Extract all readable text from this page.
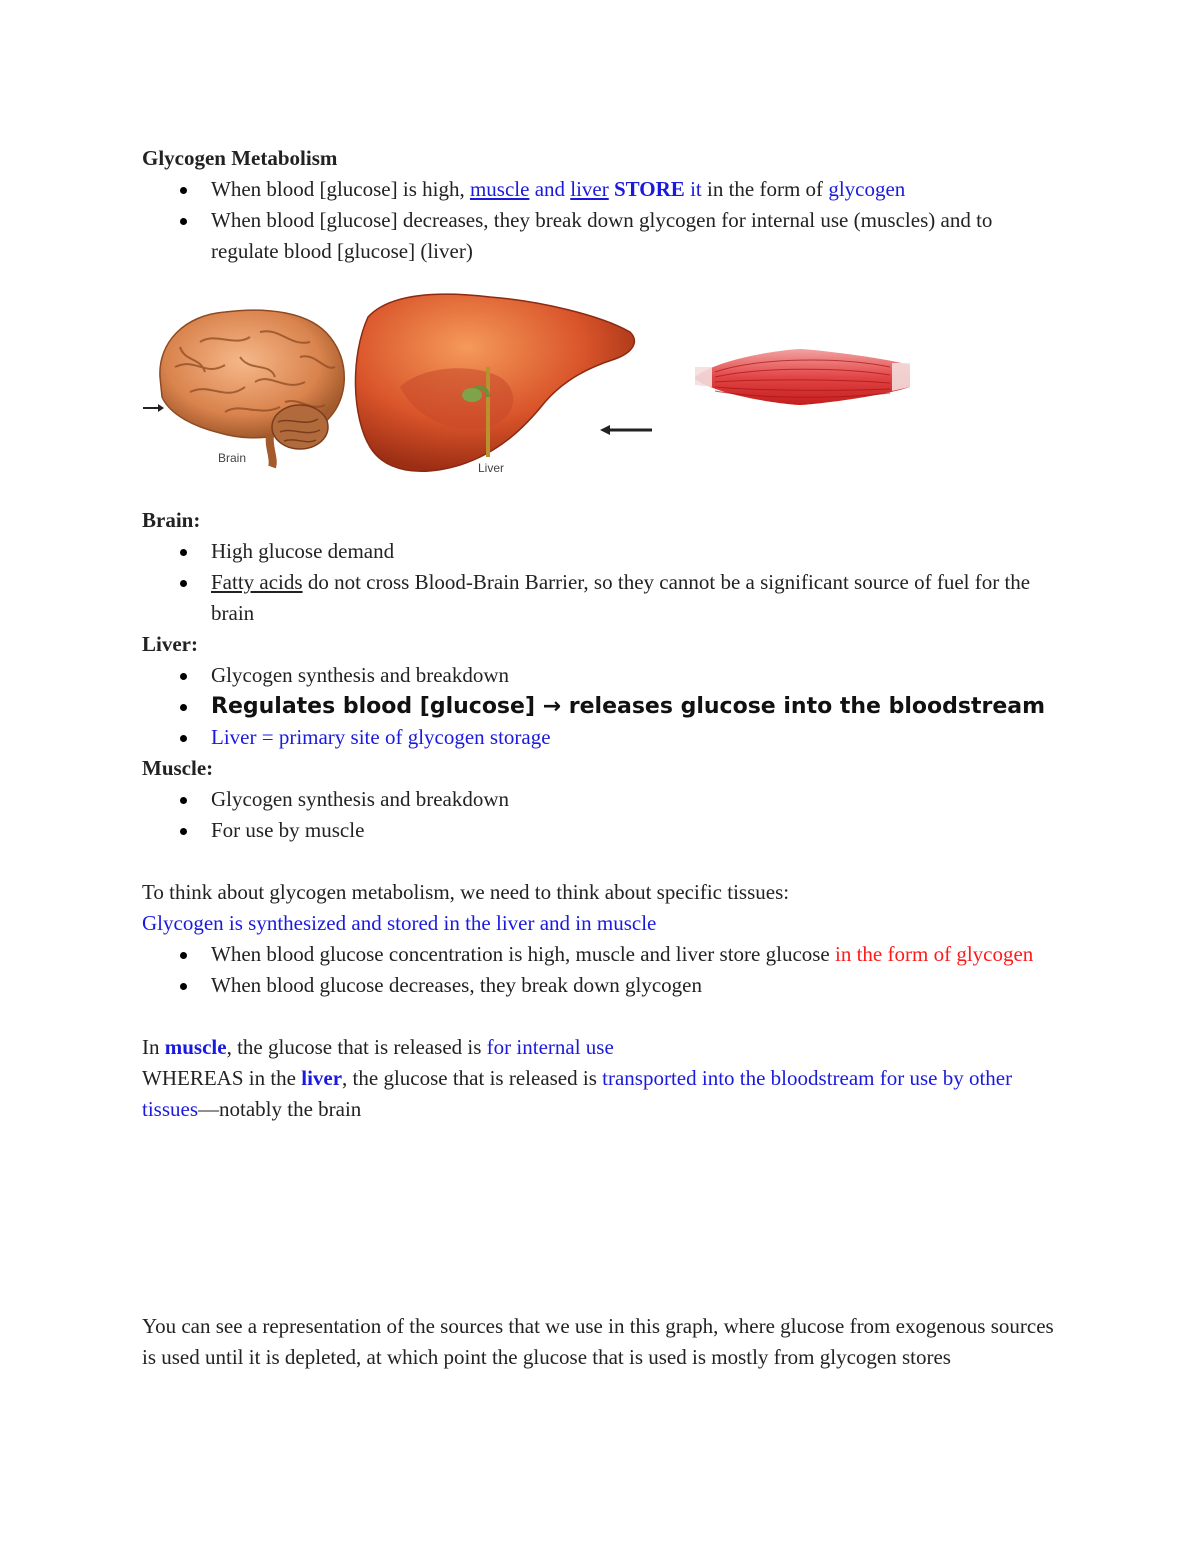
Glycogen Metabolism

When blood [glucose] is high, muscle and liver STORE it in the form of glycogen
When blood [glucose] decreases, they break down glycogen for internal use (muscles) and to regulate blood [glucose] (liver)
Brain
Liver

Brain:

High glucose demand
Fatty acids do not cross Blood-Brain Barrier, so they cannot be a significant source of fuel for the brain

Liver:

Glycogen synthesis and breakdown
Regulates blood [glucose] → releases glucose into the bloodstream
Liver = primary site of glycogen storage

Muscle:

Glycogen synthesis and breakdown
For use by muscle

To think about glycogen metabolism, we need to think about specific tissues:

Glycogen is synthesized and stored in the liver and in muscle

When blood glucose concentration is high, muscle and liver store glucose in the form of glycogen
When blood glucose decreases, they break down glycogen

In muscle, the glucose that is released is for internal use

WHEREAS in the liver, the glucose that is released is transported into the bloodstream for use by other tissues—notably the brain

You can see a representation of the sources that we use in this graph, where glucose from exogenous sources is used until it is depleted, at which point the glucose that is used is mostly from glycogen stores
